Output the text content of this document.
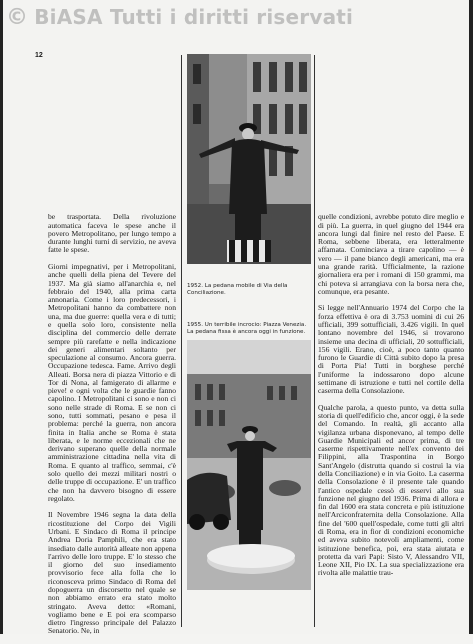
© BiASA Tutti i diritti riservati
12
1952. La pedana mobile di Via della Conciliazione.
1955. Un terribile incrocio: Piazza Venezia. La pedana fissa è ancora oggi in funzione.

be trasportata. Della rivoluzione automatica faceva le spese anche il povero Metropolitano, per lungo tempo a durante lunghi turni di servizio, ne aveva fatte le spese.

Giorni impegnativi, per i Metropolitani, anche quelli della piena del Tevere del 1937. Ma già siamo all'anarchia e, nel febbraio del 1940, alla prima carta annonaria. Come i loro predecessori, i Metropolitani hanno da combattere non una, ma due guerre: quella vera e di tutti; e quella solo loro, consistente nella disciplina del commercio delle derrate sempre più rarefatte e nella indicazione dei generi alimentari soltanto per speculazione al consumo. Ancora guerra. Occupazione tedesca. Fame. Arrivo degli Alleati. Borsa nera di piazza Vittorio e di Tor di Nona, al famigerato di allarme e pieve! e ogni volta che le guardie fanno capolino. I Metropolitani ci sono e non ci sono nelle strade di Roma. E se non ci sono, tutti sommati, pesano e pesa il problema: perché la guerra, non ancora finita in Italia anche se Roma è stata liberata, e le norme eccezionali che ne derivano superano quelle della normale amministrazione cittadina nella vita di Roma. E quanto al traffico, semmai, c'è solo quello dei mezzi militari nostri o delle truppe di occupazione. E' un traffico che non ha davvero bisogno di essere regolato.

Il Novembre 1946 segna la data della ricostituzione del Corpo dei Vigili Urbani. E Sindaco di Roma il principe Andrea Doria Pamphili, che era stato insediato dalle autorità alleate non appena l'arrivo delle loro truppe. E' lo stesso che il giorno del suo insediamento provvisorio fece alla folla che lo riconosceva primo Sindaco di Roma del dopoguerra un discorsetto nel quale se non abbiamo errato era stato molto stringato. Aveva detto: «Romani, vogliamo bene e E poi era scomparso dietro l'ingresso principale del Palazzo Senatorio. Ne, in

quelle condizioni, avrebbe potuto dire meglio e di più. La guerra, in quel giugno del 1944 era ancora lungi dal finire nel resto del Paese. E Roma, sebbene liberata, era letteralmente affamata. Cominciava a tirare capolino — è vero — il pane bianco degli americani, ma era una grande rarità. Ufficialmente, la razione giornaliera era per i romani di 150 grammi, ma chi poteva si arrangiava con la borsa nera che, comunque, era pesante.

Si legge nell'Annuario 1974 del Corpo che la forza effettiva è ora di 3.753 uomini di cui 26 ufficiali, 399 sottufficiali, 3.426 vigili. In quel lontano novembre del 1946, si trovarono insieme una decina di ufficiali, 20 sottufficiali, 156 vigili. Erano, cioè, a poco tanto quanto furono le Guardie di Città subito dopo la presa di Porta Pia! Tutti in borghese perché l'uniforme la indossarono dopo alcune settimane di istruzione e tutti nel cortile della caserma della Consolazione.

Qualche parola, a questo punto, va detta sulla storia di quell'edificio che, ancor oggi, è la sede del Comando. In realtà, gli accanto alla vigilanza urbana disponevano, al tempo delle Guardie Municipali ed ancor prima, di tre caserme rispettivamente nell'ex convento dei Filippini, alla Traspontina in Borgo Sant'Angelo (distrutta quando si costruì la via della Conciliazione) e in via Goito. La caserma della Consolazione è il presente tale quando l'antico ospedale cessò di esservi allo sua funzione nel giugno del 1936. Prima di allora e fin dal 1600 era stata concreta e più istituzione nell'Arciconfraternita della Consolazione. Alla fine del '600 quell'ospedale, come tutti gli altri di Roma, era in fior di condizioni economiche ed aveva subito notevoli ampliamenti, come istituzione benefica, poi, era stata aiutata e protetta da vari Papi: Sisto V, Alessandro VII, Leone XII, Pio IX. La sua specializzazione era rivolta alle malattie trau-
